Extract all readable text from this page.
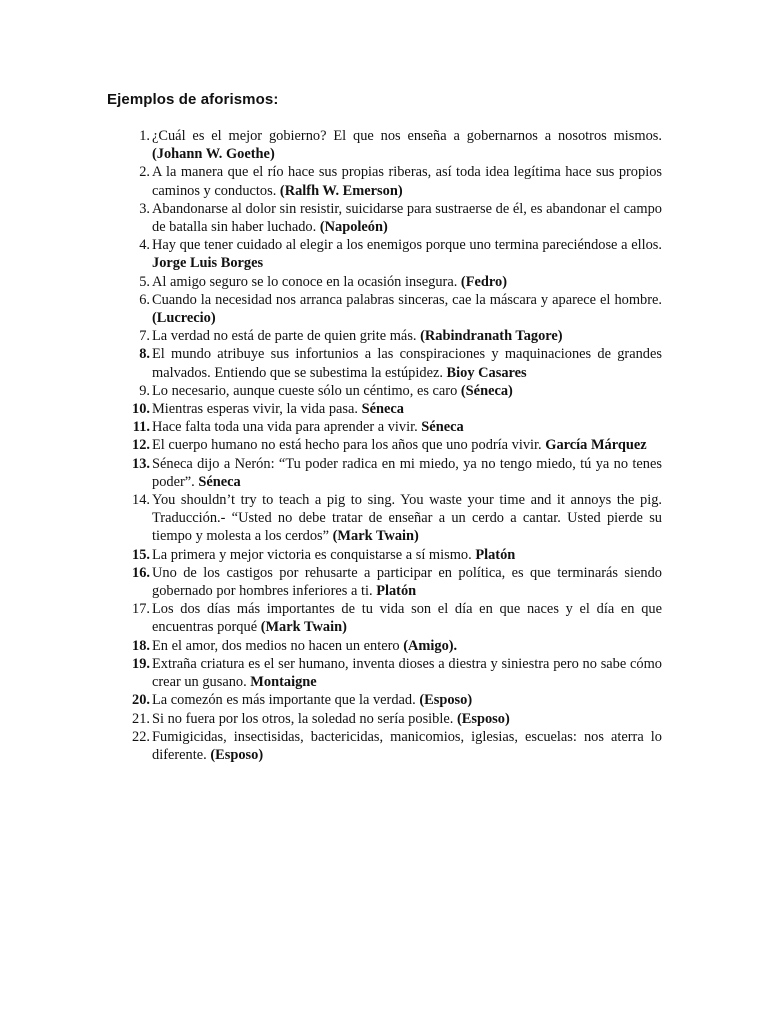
Ejemplos de aforismos:
1. ¿Cuál es el mejor gobierno? El que nos enseña a gobernarnos a nosotros mismos. (Johann W. Goethe)
2. A la manera que el río hace sus propias riberas, así toda idea legítima hace sus propios caminos y conductos. (Ralfh W. Emerson)
3. Abandonarse al dolor sin resistir, suicidarse para sustraerse de él, es abandonar el campo de batalla sin haber luchado. (Napoleón)
4. Hay que tener cuidado al elegir a los enemigos porque uno termina pareciéndose a ellos. Jorge Luis Borges
5. Al amigo seguro se lo conoce en la ocasión insegura. (Fedro)
6. Cuando la necesidad nos arranca palabras sinceras, cae la máscara y aparece el hombre. (Lucrecio)
7. La verdad no está de parte de quien grite más. (Rabindranath Tagore)
8. El mundo atribuye sus infortunios a las conspiraciones y maquinaciones de grandes malvados. Entiendo que se subestima la estúpidez. Bioy Casares
9. Lo necesario, aunque cueste sólo un céntimo, es caro (Séneca)
10. Mientras esperas vivir, la vida pasa. Séneca
11. Hace falta toda una vida para aprender a vivir. Séneca
12. El cuerpo humano no está hecho para los años que uno podría vivir. García Márquez
13. Séneca dijo a Nerón: “Tu poder radica en mi miedo, ya no tengo miedo, tú ya no tenes poder”. Séneca
14. You shouldn’t try to teach a pig to sing. You waste your time and it annoys the pig. Traducción.- “Usted no debe tratar de enseñar a un cerdo a cantar. Usted pierde su tiempo y molesta a los cerdos” (Mark Twain)
15. La primera y mejor victoria es conquistarse a sí mismo. Platón
16. Uno de los castigos por rehusarte a participar en política, es que terminarás siendo gobernado por hombres inferiores a ti. Platón
17. Los dos días más importantes de tu vida son el día en que naces y el día en que encuentras porqué (Mark Twain)
18. En el amor, dos medios no hacen un entero (Amigo).
19. Extraña criatura es el ser humano, inventa dioses a diestra y siniestra pero no sabe cómo crear un gusano. Montaigne
20. La comezón es más importante que la verdad. (Esposo)
21. Si no fuera por los otros, la soledad no sería posible. (Esposo)
22. Fumigicidas, insectisidas, bactericidas, manicomios, iglesias, escuelas: nos aterra lo diferente. (Esposo)
